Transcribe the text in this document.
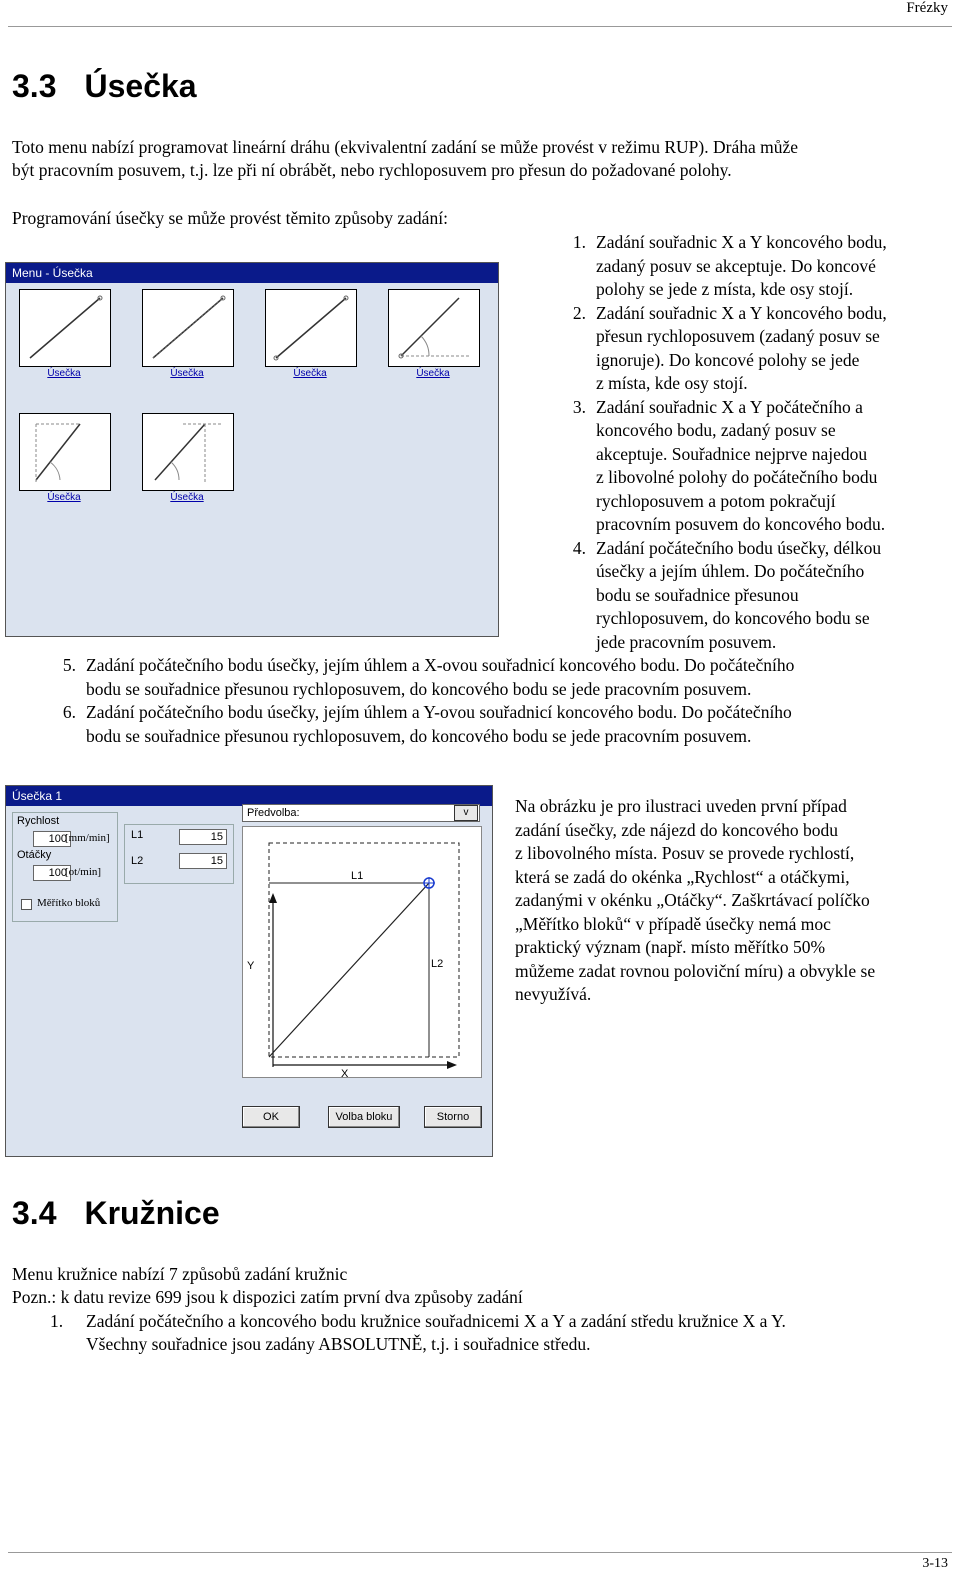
Frézky
3.3 Úsečka
Toto menu nabízí programovat lineární dráhu (ekvivalentní zadání se může provést v režimu RUP). Dráha může
být pracovním posuvem, t.j. lze při ní obrábět, nebo rychloposuvem pro přesun do požadované polohy.
Programování úsečky se může provést těmito způsoby zadání:
1. Zadání souřadnic X a Y koncového bodu,
zadaný posuv se akceptuje. Do koncové
polohy se jede z místa, kde osy stojí.
2. Zadání souřadnic X a Y koncového bodu,
přesun rychloposuvem (zadaný posuv se
ignoruje). Do koncové polohy se jede
z místa, kde osy stojí.
3. Zadání souřadnic X a Y počátečního a
koncového bodu, zadaný posuv se
akceptuje. Souřadnice nejprve najedou
z libovolné polohy do počátečního bodu
rychloposuvem a potom pokračují
pracovním posuvem do koncového bodu.
4. Zadání počátečního bodu úsečky, délkou
úsečky a jejím úhlem. Do počátečního
bodu se souřadnice přesunou
rychloposuvem, do koncového bodu se
jede pracovním posuvem.
5. Zadání počátečního bodu úsečky, jejím úhlem a X-ovou souřadnicí koncového bodu. Do počátečního
bodu se souřadnice přesunou rychloposuvem, do koncového bodu se jede pracovním posuvem.
6. Zadání počátečního bodu úsečky, jejím úhlem a Y-ovou souřadnicí koncového bodu. Do počátečního
bodu se souřadnice přesunou rychloposuvem, do koncového bodu se jede pracovním posuvem.
Menu - Úsečka
Úsečka	Úsečka	Úsečka	Úsečka
Úsečka	Úsečka
Úsečka 1
Rychlost
100
[mm/min]
Otáčky
100
[ot/min]
Měřítko bloků
L1	15
L2	15
Předvolba:	v
L1
L2
Y
X
OK	Volba bloku	Storno
Na obrázku je pro ilustraci uveden první případ
zadání úsečky, zde nájezd do koncového bodu
z libovolného místa. Posuv se provede rychlostí,
která se zadá do okénka „Rychlost“ a otáčkymi,
zadanými v okénku „Otáčky“. Zaškrtávací políčko
„Měřítko bloků“ v případě úsečky nemá moc
praktický význam (např. místo měřítko 50%
můžeme zadat rovnou poloviční míru) a obvykle se
nevyužívá.
3.4 Kružnice
Menu kružnice nabízí 7 způsobů zadání kružnic
Pozn.: k datu revize 699 jsou k dispozici zatím první dva způsoby zadání
1. Zadání počátečního a koncového bodu kružnice souřadnicemi X a Y a zadání středu kružnice X a Y.
Všechny souřadnice jsou zadány ABSOLUTNĚ, t.j. i souřadnice středu.
3-13
